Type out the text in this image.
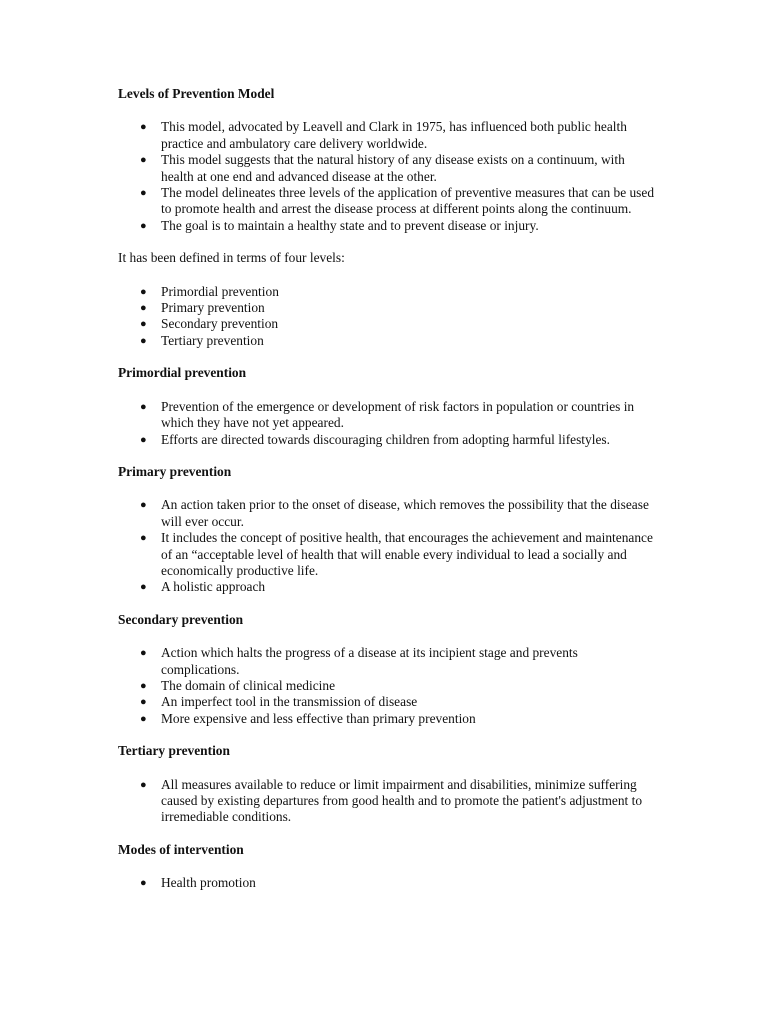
Levels of Prevention Model

● This model, advocated by Leavell and Clark in 1975, has influenced both public health practice and ambulatory care delivery worldwide.
● This model suggests that the natural history of any disease exists on a continuum, with health at one end and advanced disease at the other.
● The model delineates three levels of the application of preventive measures that can be used to promote health and arrest the disease process at different points along the continuum.
● The goal is to maintain a healthy state and to prevent disease or injury.

It has been defined in terms of four levels:

● Primordial prevention
● Primary prevention
● Secondary prevention
● Tertiary prevention

Primordial prevention

● Prevention of the emergence or development of risk factors in population or countries in which they have not yet appeared.
● Efforts are directed towards discouraging children from adopting harmful lifestyles.

Primary prevention

● An action taken prior to the onset of disease, which removes the possibility that the disease will ever occur.
● It includes the concept of positive health, that encourages the achievement and maintenance of an “acceptable level of health that will enable every individual to lead a socially and economically productive life.
● A holistic approach

Secondary prevention

● Action which halts the progress of a disease at its incipient stage and prevents complications.
● The domain of clinical medicine
● An imperfect tool in the transmission of disease
● More expensive and less effective than primary prevention

Tertiary prevention

● All measures available to reduce or limit impairment and disabilities, minimize suffering caused by existing departures from good health and to promote the patient's adjustment to irremediable conditions.

Modes of intervention

● Health promotion
